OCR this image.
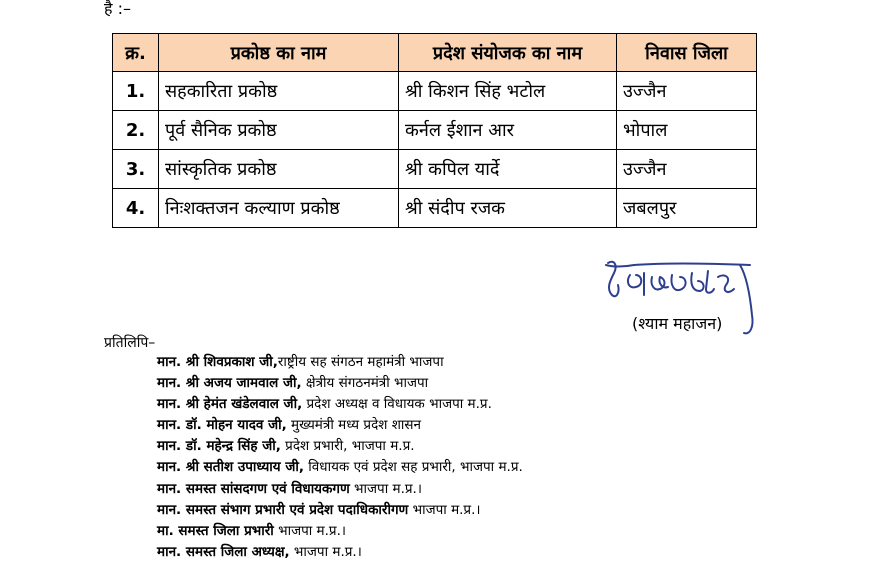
है :–
क्र.	प्रकोष्ठ का नाम	प्रदेश संयोजक का नाम	निवास जिला
1.	सहकारिता प्रकोष्ठ	श्री किशन सिंह भटोल	उज्जैन
2.	पूर्व सैनिक प्रकोष्ठ	कर्नल ईशान आर	भोपाल
3.	सांस्कृतिक प्रकोष्ठ	श्री कपिल यार्दे	उज्जैन
4.	निःशक्तजन कल्याण प्रकोष्ठ	श्री संदीप रजक	जबलपुर
(श्याम महाजन)
प्रतिलिपि–
मान. श्री शिवप्रकाश जी,राष्ट्रीय सह संगठन महामंत्री भाजपा
मान. श्री अजय जामवाल जी, क्षेत्रीय संगठनमंत्री भाजपा
मान. श्री हेमंत खंडेलवाल जी, प्रदेश अध्यक्ष व विधायक भाजपा म.प्र.
मान. डॉ. मोहन यादव जी, मुख्यमंत्री मध्य प्रदेश शासन
मान. डॉ. महेन्द्र सिंह जी, प्रदेश प्रभारी, भाजपा म.प्र.
मान. श्री सतीश उपाध्याय जी, विधायक एवं प्रदेश सह प्रभारी, भाजपा म.प्र.
मान. समस्त सांसदगण एवं विधायकगण भाजपा म.प्र.।
मान. समस्त संभाग प्रभारी एवं प्रदेश पदाधिकारीगण भाजपा म.प्र.।
मा. समस्त जिला प्रभारी भाजपा म.प्र.।
मान. समस्त जिला अध्यक्ष, भाजपा म.प्र.।
